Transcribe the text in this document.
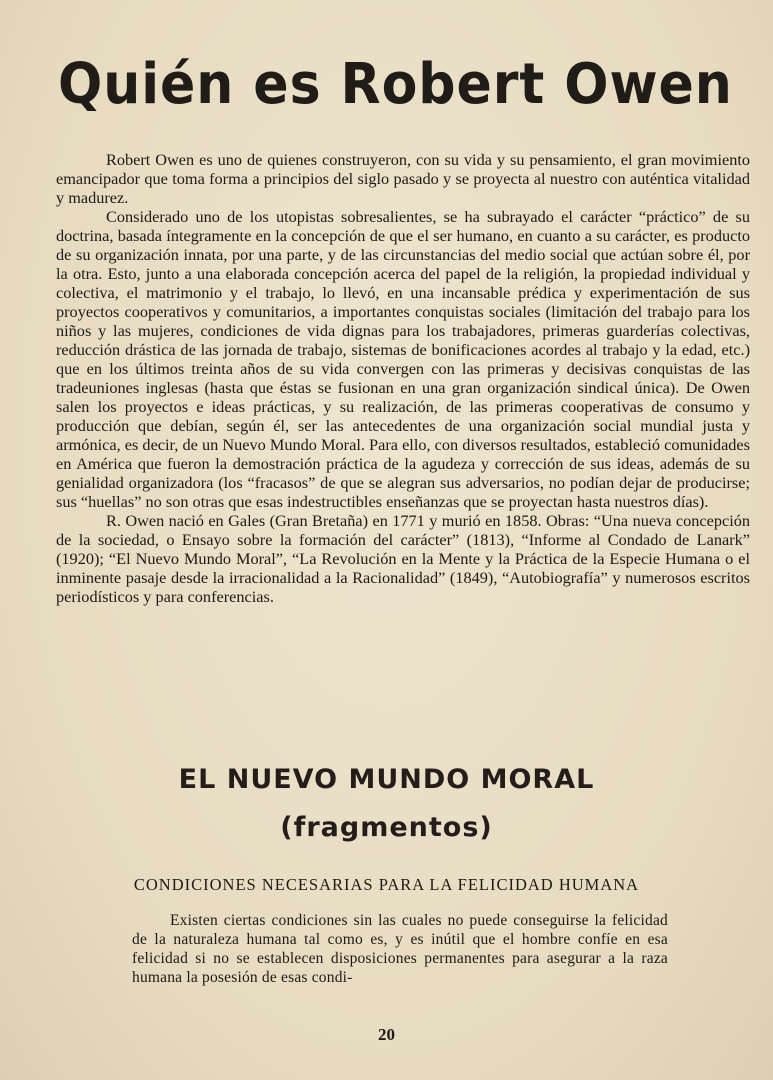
Quién es Robert Owen

Robert Owen es uno de quienes construyeron, con su vida y su pensamiento, el gran movimiento emancipador que toma forma a principios del siglo pasado y se proyecta al nuestro con auténtica vitalidad y madurez.

Considerado uno de los utopistas sobresalientes, se ha subrayado el carácter “práctico” de su doctrina, basada íntegramente en la concepción de que el ser humano, en cuanto a su carácter, es producto de su organización innata, por una parte, y de las circunstancias del medio social que actúan sobre él, por la otra. Esto, junto a una elaborada concepción acerca del papel de la religión, la propiedad individual y colectiva, el matrimonio y el trabajo, lo llevó, en una incansable prédica y experimentación de sus proyectos cooperativos y comunitarios, a importantes conquistas sociales (limitación del trabajo para los niños y las mujeres, condiciones de vida dignas para los trabajadores, primeras guarderías colectivas, reducción drástica de las jornada de trabajo, sistemas de bonificaciones acordes al trabajo y la edad, etc.) que en los últimos treinta años de su vida convergen con las primeras y decisivas conquistas de las tradeuniones inglesas (hasta que éstas se fusionan en una gran organización sindical única). De Owen salen los proyectos e ideas prácticas, y su realización, de las primeras cooperativas de consumo y producción que debían, según él, ser las antecedentes de una organización social mundial justa y armónica, es decir, de un Nuevo Mundo Moral. Para ello, con diversos resultados, estableció comunidades en América que fueron la demostración práctica de la agudeza y corrección de sus ideas, además de su genialidad organizadora (los “fracasos” de que se alegran sus adversarios, no podían dejar de producirse; sus “huellas” no son otras que esas indestructibles enseñanzas que se proyectan hasta nuestros días).

R. Owen nació en Gales (Gran Bretaña) en 1771 y murió en 1858. Obras: “Una nueva concepción de la sociedad, o Ensayo sobre la formación del carácter” (1813), “Informe al Condado de Lanark” (1920); “El Nuevo Mundo Moral”, “La Revolución en la Mente y la Práctica de la Especie Humana o el inminente pasaje desde la irracionalidad a la Racionalidad” (1849), “Autobiografía” y numerosos escritos periodísticos y para conferencias.

EL NUEVO MUNDO MORAL
(fragmentos)
CONDICIONES NECESARIAS PARA LA FELICIDAD HUMANA

Existen ciertas condiciones sin las cuales no puede conseguirse la felicidad de la naturaleza humana tal como es, y es inútil que el hombre confíe en esa felicidad si no se establecen disposiciones permanentes para asegurar a la raza humana la posesión de esas condi-

20
